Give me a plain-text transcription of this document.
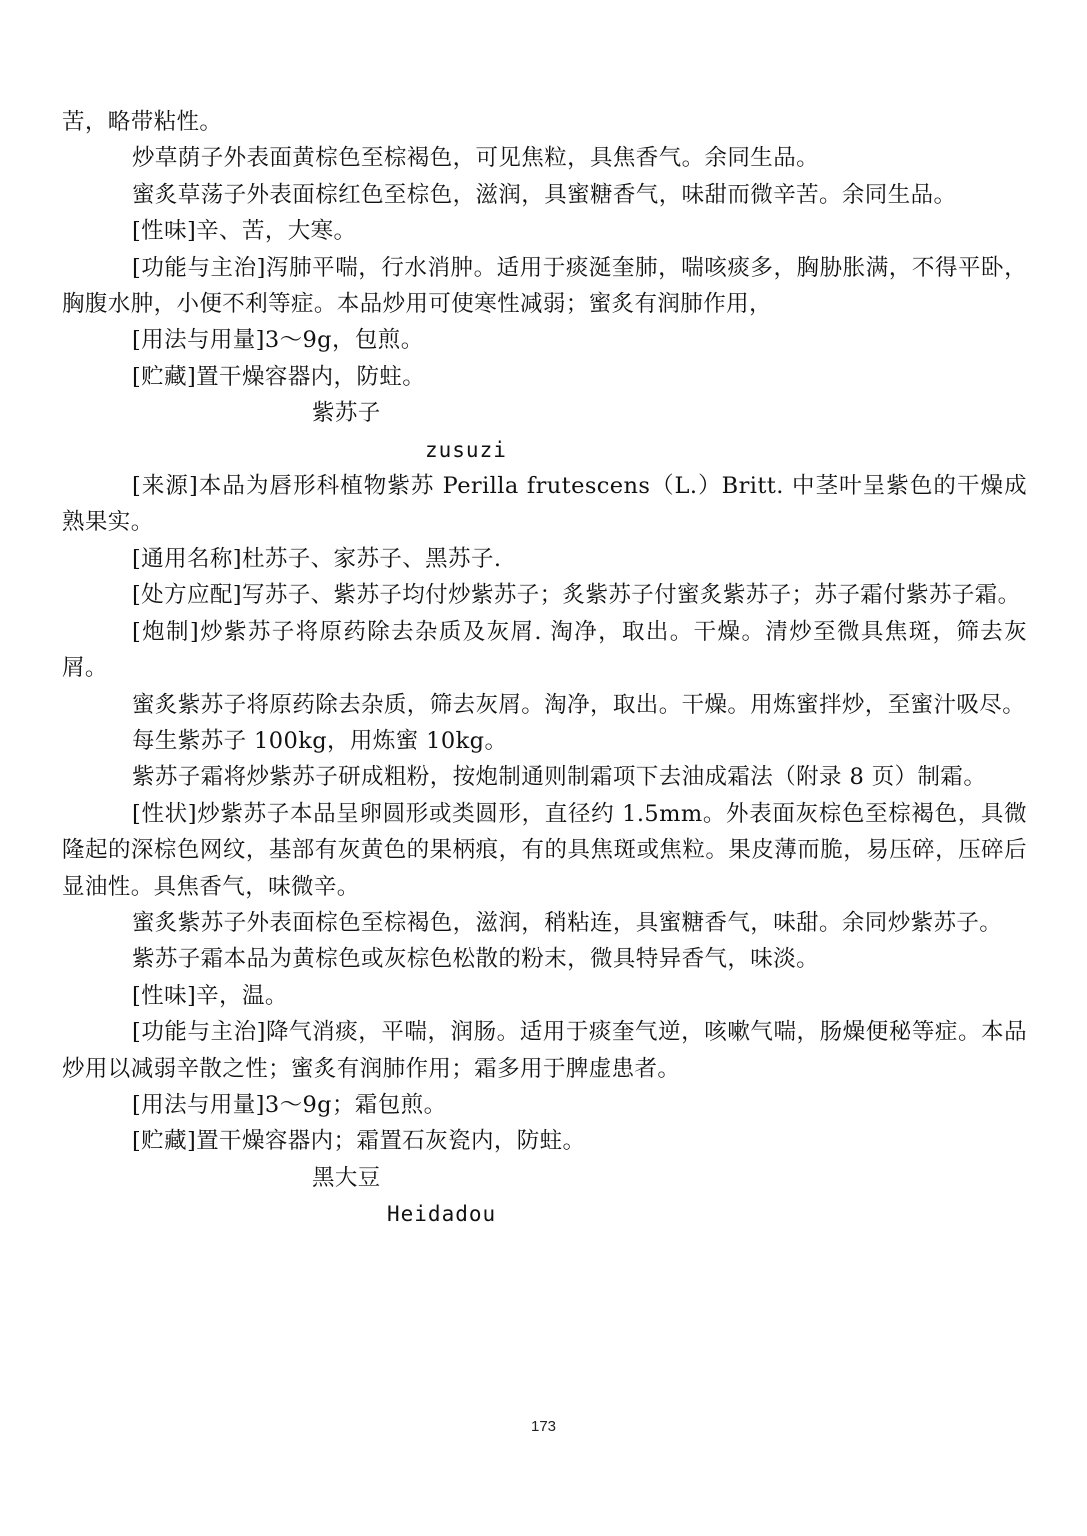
苦，略带粘性。

炒草荫子外表面黄棕色至棕褐色，可见焦粒，具焦香气。余同生品。

蜜炙草荡子外表面棕红色至棕色，滋润，具蜜糖香气，味甜而微辛苦。余同生品。

[性味]辛、苦，大寒。

[功能与主治]泻肺平喘，行水消肿。适用于痰涎奎肺，喘咳痰多，胸胁胀满，不得平卧，胸腹水肿，小便不利等症。本品炒用可使寒性减弱；蜜炙有润肺作用，

[用法与用量]3～9g，包煎。

[贮藏]置干燥容器内，防蛀。

紫苏子

zusuzi

[来源]本品为唇形科植物紫苏 Perilla frutescens（L.）Britt. 中茎叶呈紫色的干燥成熟果实。

[通用名称]杜苏子、家苏子、黑苏子.

[处方应配]写苏子、紫苏子均付炒紫苏子；炙紫苏子付蜜炙紫苏子；苏子霜付紫苏子霜。

[炮制]炒紫苏子将原药除去杂质及灰屑. 淘净，取出。干燥。清炒至微具焦斑，筛去灰屑。

蜜炙紫苏子将原药除去杂质，筛去灰屑。淘净，取出。干燥。用炼蜜拌炒，至蜜汁吸尽。

每生紫苏子 100kg，用炼蜜 10kg。

紫苏子霜将炒紫苏子研成粗粉，按炮制通则制霜项下去油成霜法（附录 8 页）制霜。

[性状]炒紫苏子本品呈卵圆形或类圆形，直径约 1.5mm。外表面灰棕色至棕褐色，具微隆起的深棕色网纹，基部有灰黄色的果柄痕，有的具焦斑或焦粒。果皮薄而脆，易压碎，压碎后显油性。具焦香气，味微辛。

蜜炙紫苏子外表面棕色至棕褐色，滋润，稍粘连，具蜜糖香气，味甜。余同炒紫苏子。

紫苏子霜本品为黄棕色或灰棕色松散的粉末，微具特异香气，味淡。

[性味]辛，温。

[功能与主治]降气消痰，平喘，润肠。适用于痰奎气逆，咳嗽气喘，肠燥便秘等症。本品炒用以减弱辛散之性；蜜炙有润肺作用；霜多用于脾虚患者。

[用法与用量]3～9g；霜包煎。

[贮藏]置干燥容器内；霜置石灰瓷内，防蛀。

黑大豆

Heidadou

173
